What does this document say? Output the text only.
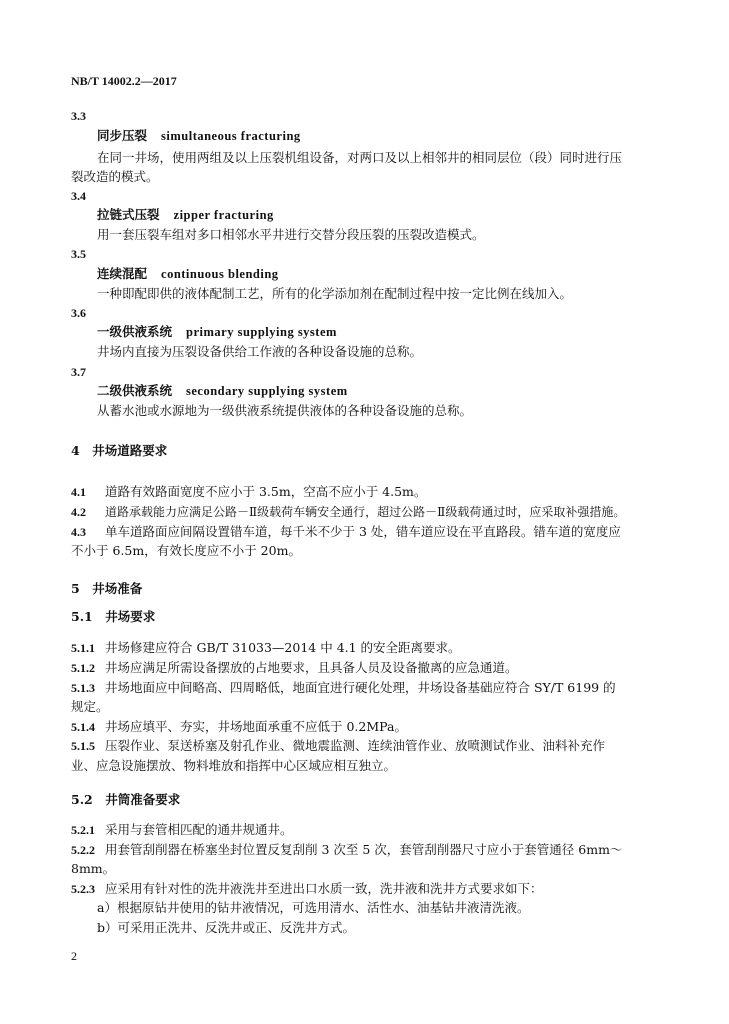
NB/T 14002.2—2017
3.3
同步压裂 simultaneous fracturing
在同一井场，使用两组及以上压裂机组设备，对两口及以上相邻井的相同层位（段）同时进行压
裂改造的模式。
3.4
拉链式压裂 zipper fracturing
用一套压裂车组对多口相邻水平井进行交替分段压裂的压裂改造模式。
3.5
连续混配 continuous blending
一种即配即供的液体配制工艺，所有的化学添加剂在配制过程中按一定比例在线加入。
3.6
一级供液系统 primary supplying system
井场内直接为压裂设备供给工作液的各种设备设施的总称。
3.7
二级供液系统 secondary supplying system
从蓄水池或水源地为一级供液系统提供液体的各种设备设施的总称。
4　井场道路要求
4.1 道路有效路面宽度不应小于 3.5m，空高不应小于 4.5m。
4.2 道路承载能力应满足公路－Ⅱ级载荷车辆安全通行，超过公路－Ⅱ级载荷通过时，应采取补强措施。
4.3 单车道路面应间隔设置错车道，每千米不少于 3 处，错车道应设在平直路段。错车道的宽度应
不小于 6.5m，有效长度应不小于 20m。
5　井场准备
5.1　井场要求
5.1.1 井场修建应符合 GB/T 31033—2014 中 4.1 的安全距离要求。
5.1.2 井场应满足所需设备摆放的占地要求，且具备人员及设备撤离的应急通道。
5.1.3 井场地面应中间略高、四周略低，地面宜进行硬化处理，井场设备基础应符合 SY/T 6199 的
规定。
5.1.4 井场应填平、夯实，井场地面承重不应低于 0.2MPa。
5.1.5 压裂作业、泵送桥塞及射孔作业、微地震监测、连续油管作业、放喷测试作业、油料补充作
业、应急设施摆放、物料堆放和指挥中心区域应相互独立。
5.2　井筒准备要求
5.2.1 采用与套管相匹配的通井规通井。
5.2.2 用套管刮削器在桥塞坐封位置反复刮削 3 次至 5 次，套管刮削器尺寸应小于套管通径 6mm～
8mm。
5.2.3 应采用有针对性的洗井液洗井至进出口水质一致，洗井液和洗井方式要求如下：
a）根据原钻井使用的钻井液情况，可选用清水、活性水、油基钻井液清洗液。
b）可采用正洗井、反洗井或正、反洗井方式。
2
